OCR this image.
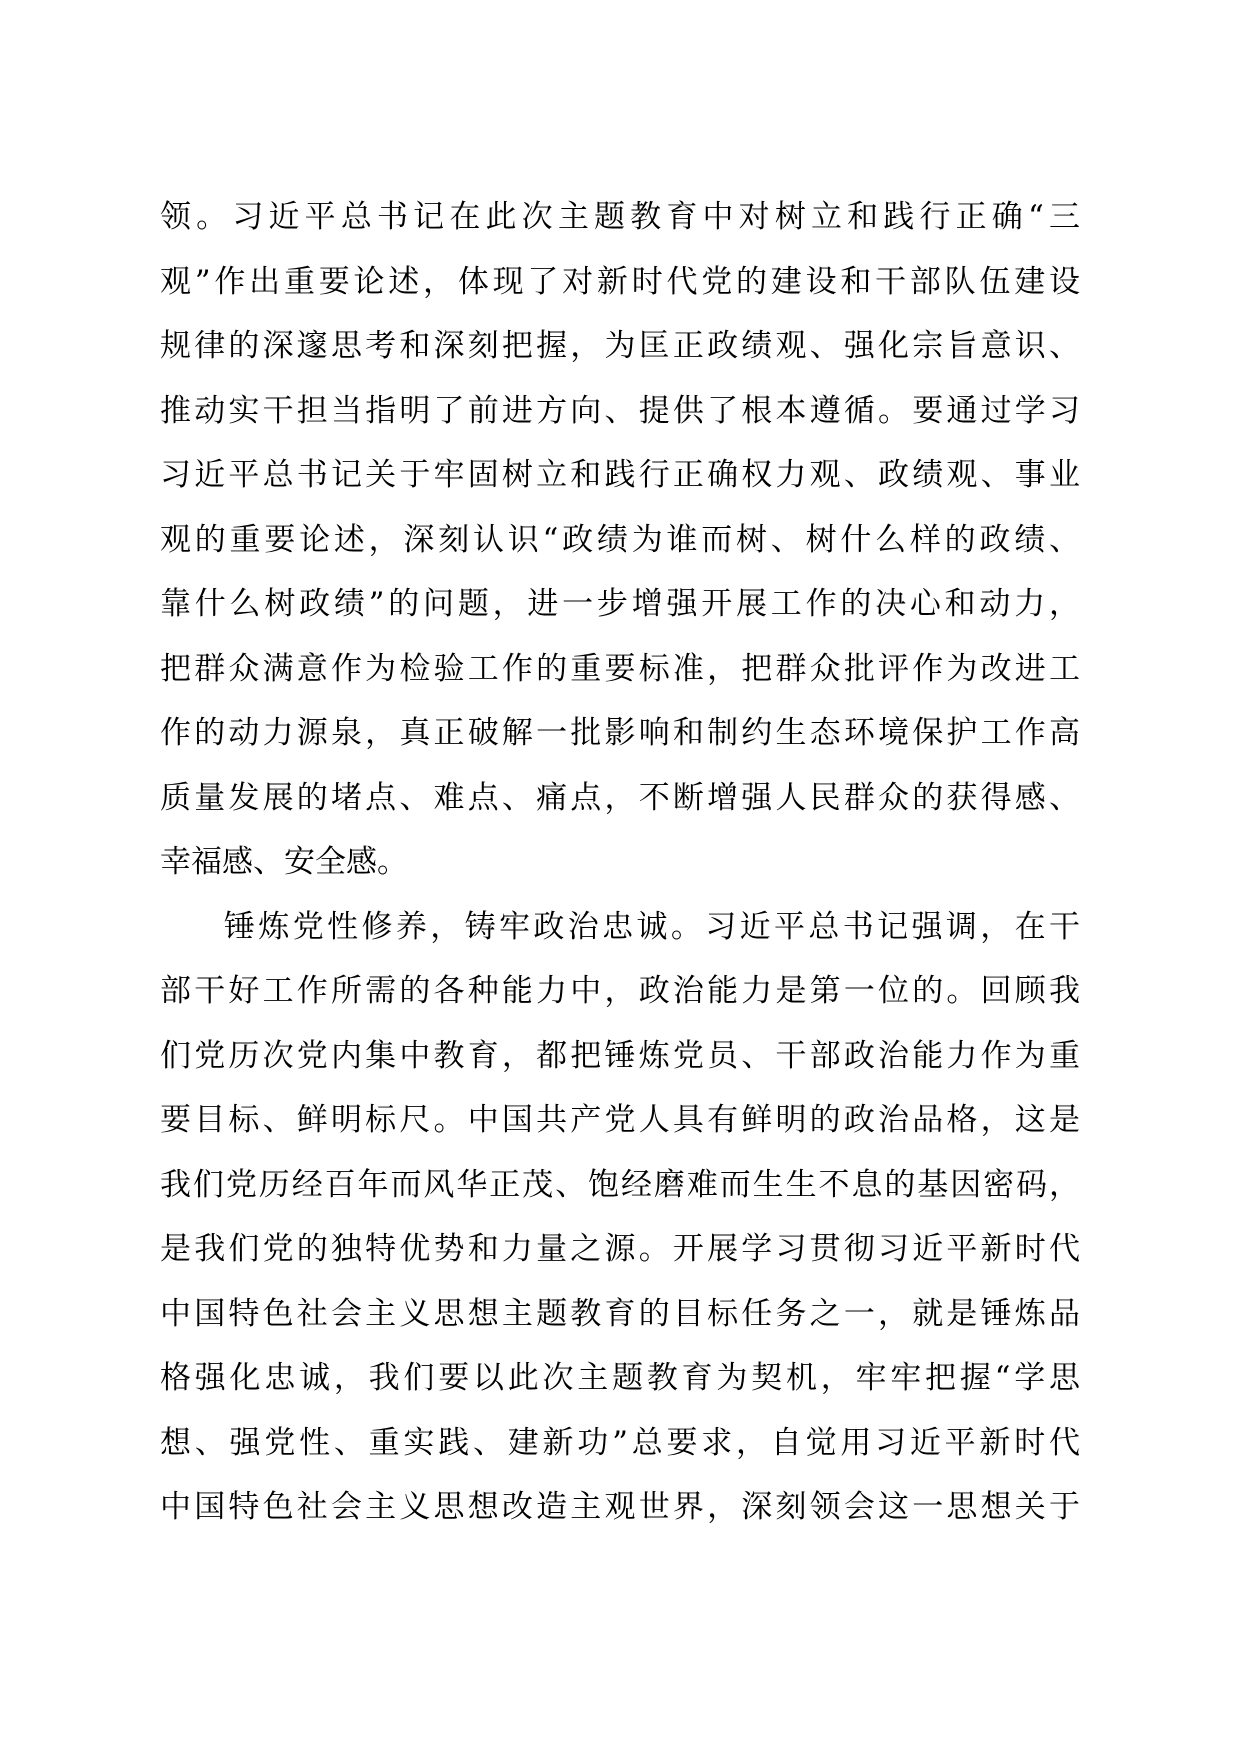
领。习近平总书记在此次主题教育中对树立和践行正确“三
观”作出重要论述，体现了对新时代党的建设和干部队伍建设
规律的深邃思考和深刻把握，为匡正政绩观、强化宗旨意识、
推动实干担当指明了前进方向、提供了根本遵循。要通过学习
习近平总书记关于牢固树立和践行正确权力观、政绩观、事业
观的重要论述，深刻认识“政绩为谁而树、树什么样的政绩、
靠什么树政绩”的问题，进一步增强开展工作的决心和动力，
把群众满意作为检验工作的重要标准，把群众批评作为改进工
作的动力源泉，真正破解一批影响和制约生态环境保护工作高
质量发展的堵点、难点、痛点，不断增强人民群众的获得感、
幸福感、安全感。
锤炼党性修养，铸牢政治忠诚。习近平总书记强调，在干
部干好工作所需的各种能力中，政治能力是第一位的。回顾我
们党历次党内集中教育，都把锤炼党员、干部政治能力作为重
要目标、鲜明标尺。中国共产党人具有鲜明的政治品格，这是
我们党历经百年而风华正茂、饱经磨难而生生不息的基因密码，
是我们党的独特优势和力量之源。开展学习贯彻习近平新时代
中国特色社会主义思想主题教育的目标任务之一，就是锤炼品
格强化忠诚，我们要以此次主题教育为契机，牢牢把握“学思
想、强党性、重实践、建新功”总要求，自觉用习近平新时代
中国特色社会主义思想改造主观世界，深刻领会这一思想关于
